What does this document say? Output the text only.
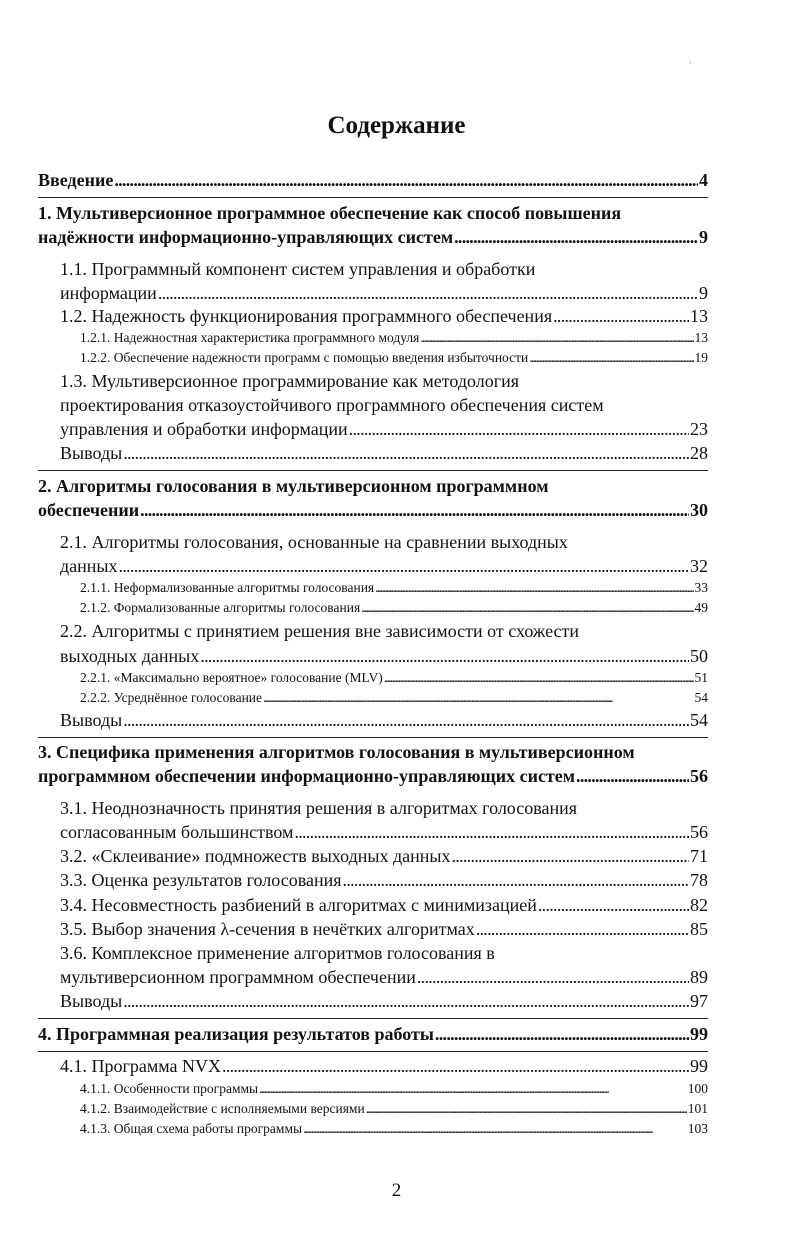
'
Содержание
Введение . . .	4
1. Мультиверсионное программное обеспечение как способ повышения
надёжности информационно-управляющих систем . . .	9
1.1. Программный компонент систем управления и обработки
информации . . .	9
1.2. Надежность функционирования программного обеспечения . . .	13
1.2.1. Надежностная характеристика программного модуля . . .	13
1.2.2. Обеспечение надежности программ с помощью введения избыточности . . .	19
1.3. Мультиверсионное программирование как методология
проектирования отказоустойчивого программного обеспечения систем
управления и обработки информации . . .	23
Выводы . . .	28
2. Алгоритмы голосования в мультиверсионном программном
обеспечении . . .	30
2.1. Алгоритмы голосования, основанные на сравнении выходных
данных . . .	32
2.1.1. Неформализованные алгоритмы голосования . . .	33
2.1.2. Формализованные алгоритмы голосования . . .	49
2.2. Алгоритмы с принятием решения вне зависимости от схожести
выходных данных . . .	50
2.2.1. «Максимально вероятное» голосование (MLV) . . .	51
2.2.2. Усреднённое голосование . . .	54
Выводы . . .	54
3. Специфика применения алгоритмов голосования в мультиверсионном
программном обеспечении информационно-управляющих систем . . .	56
3.1. Неоднозначность принятия решения в алгоритмах голосования
согласованным большинством . . .	56
3.2. «Склеивание» подмножеств выходных данных . . .	71
3.3. Оценка результатов голосования . . .	78
3.4. Несовместность разбиений в алгоритмах с минимизацией . . .	82
3.5. Выбор значения λ-сечения в нечётких алгоритмах . . .	85
3.6. Комплексное применение алгоритмов голосования в
мультиверсионном программном обеспечении . . .	89
Выводы . . .	97
4. Программная реализация результатов работы . . .	99
4.1. Программа NVX . . .	99
4.1.1. Особенности программы . . .	100
4.1.2. Взаимодействие с исполняемыми версиями . . .	101
4.1.3. Общая схема работы программы . . .	103
2
